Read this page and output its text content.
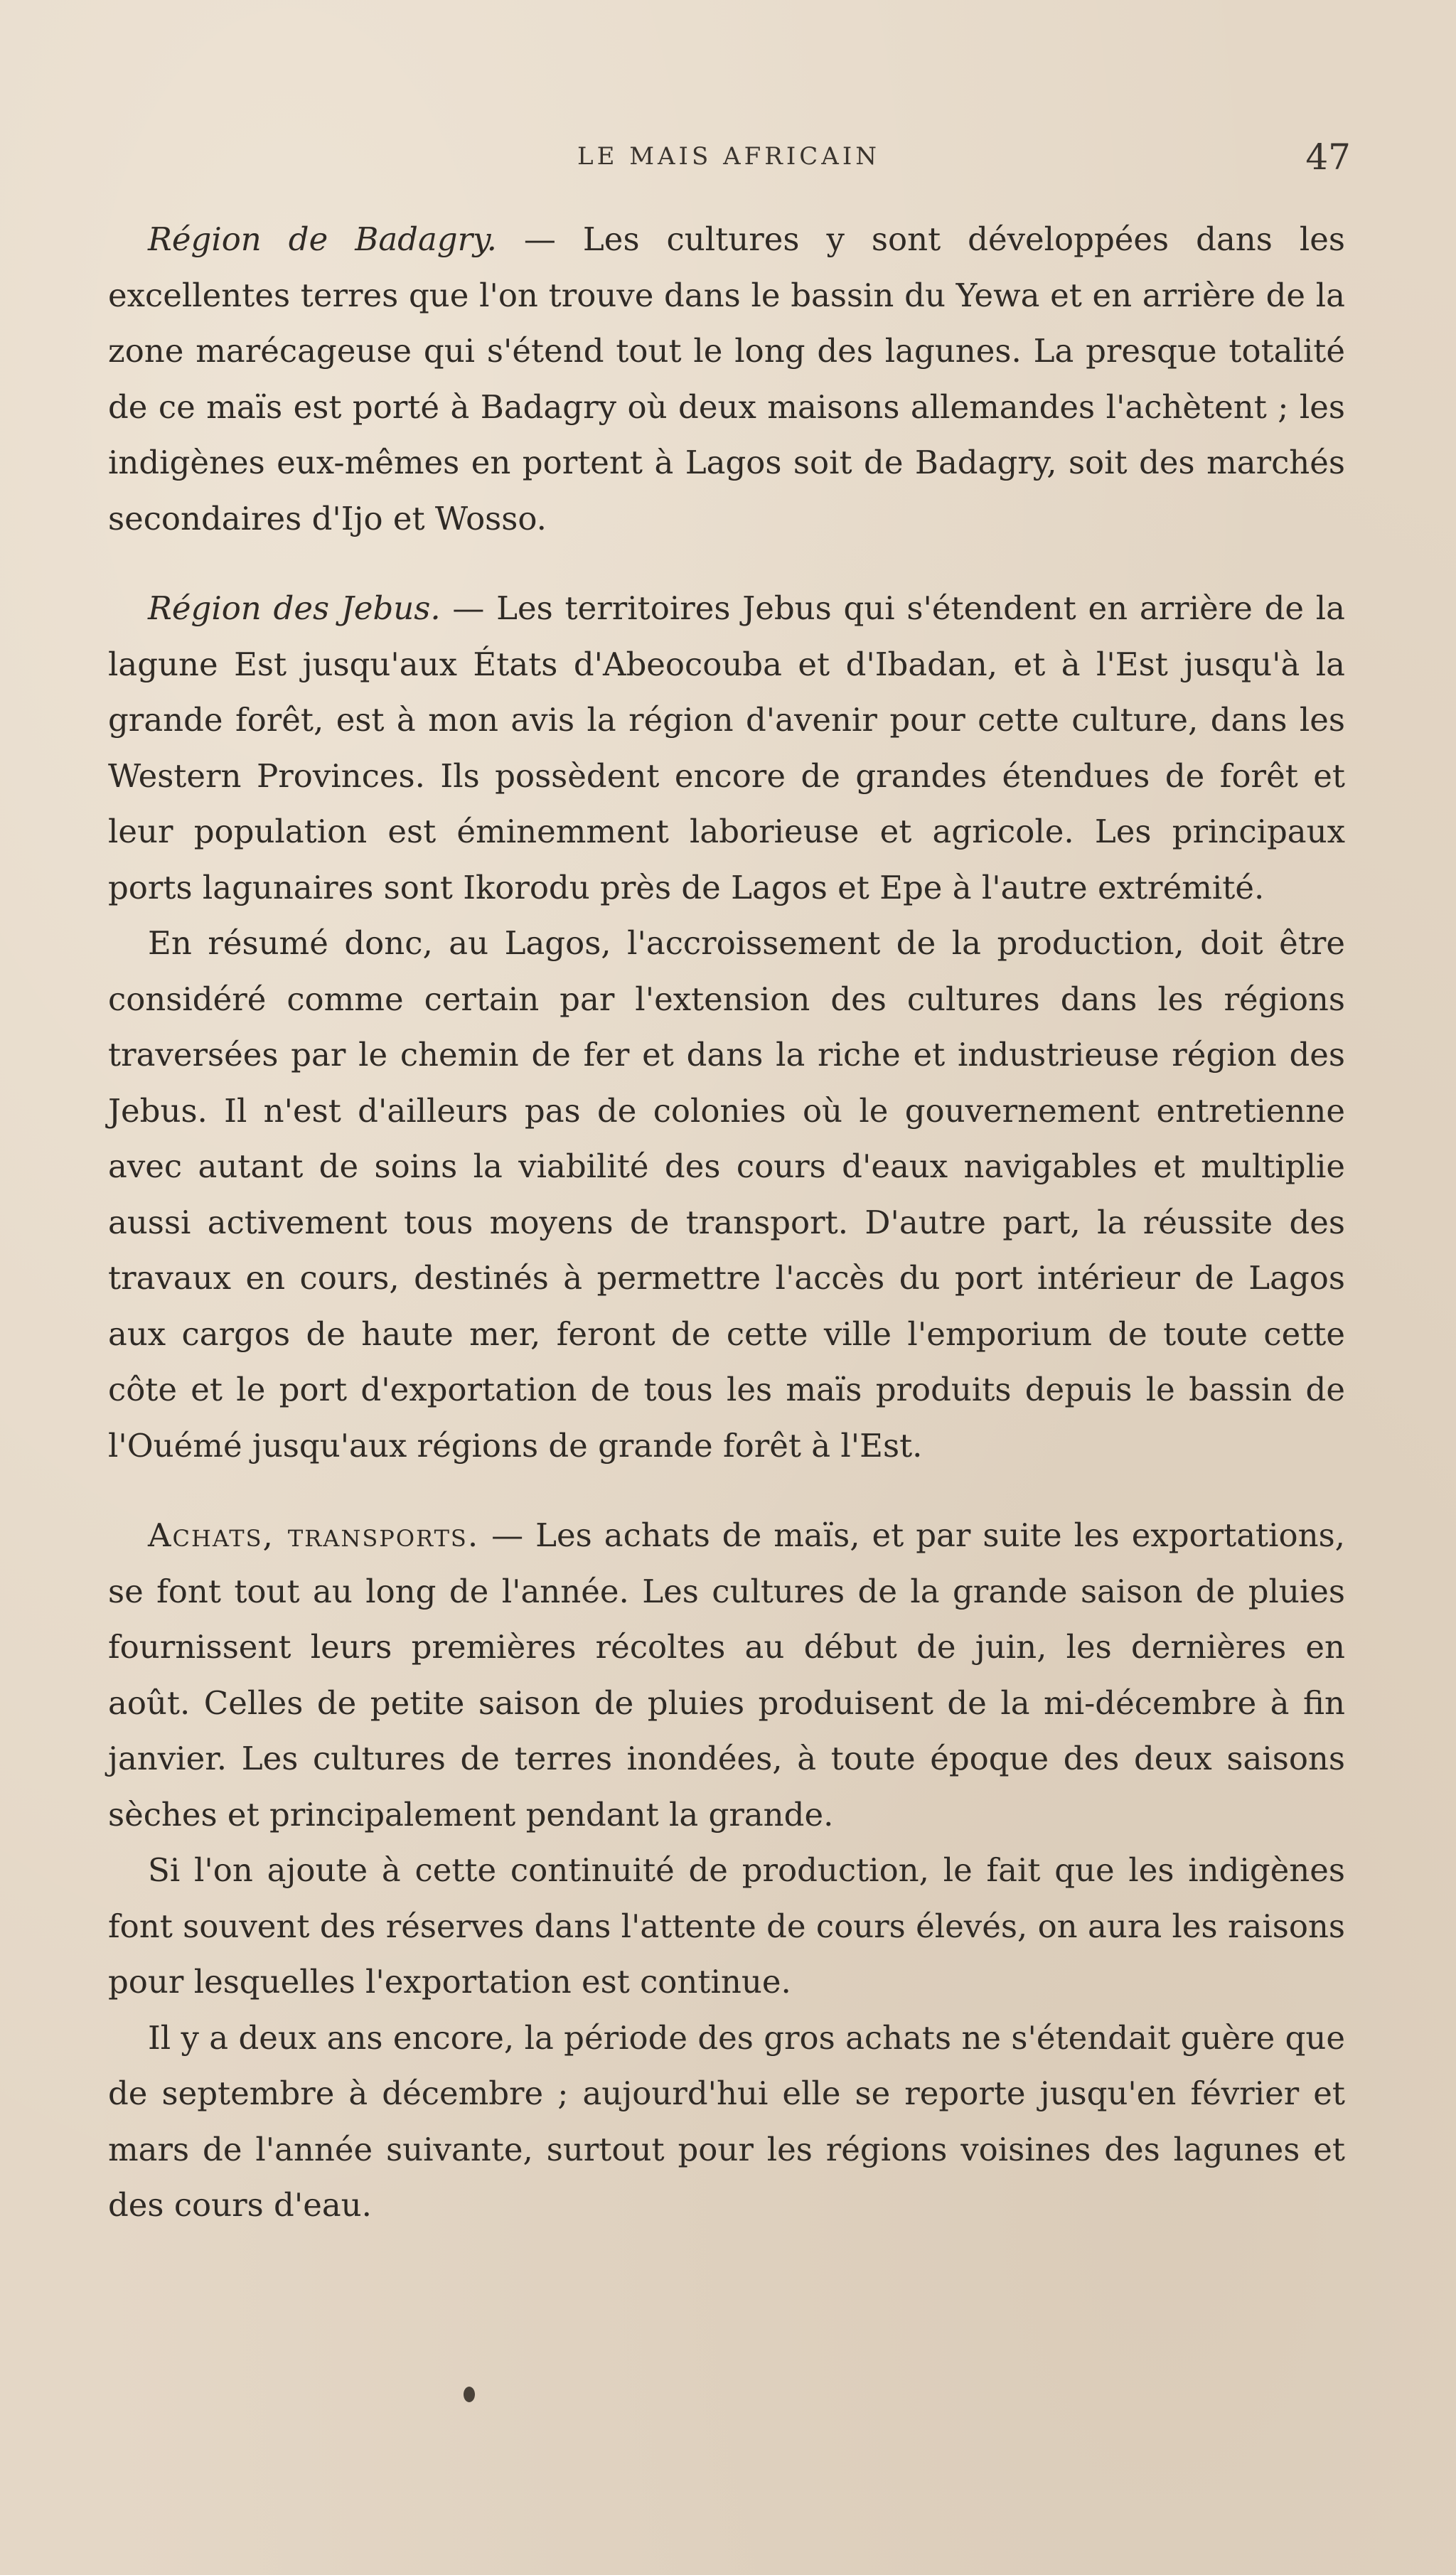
LE MAIS AFRICAIN	47

Région de Badagry. — Les cultures y sont développées dans les excellentes terres que l'on trouve dans le bassin du Yewa et en arrière de la zone marécageuse qui s'étend tout le long des lagunes. La presque totalité de ce maïs est porté à Badagry où deux maisons allemandes l'achètent ; les indigènes eux-mêmes en portent à Lagos soit de Badagry, soit des marchés secondaires d'Ijo et Wosso.

Région des Jebus. — Les territoires Jebus qui s'étendent en arrière de la lagune Est jusqu'aux États d'Abeocouba et d'Ibadan, et à l'Est jusqu'à la grande forêt, est à mon avis la région d'avenir pour cette culture, dans les Western Provinces. Ils possèdent encore de grandes étendues de forêt et leur population est éminemment laborieuse et agricole. Les principaux ports lagunaires sont Ikorodu près de Lagos et Epe à l'autre extrémité.

En résumé donc, au Lagos, l'accroissement de la production, doit être considéré comme certain par l'extension des cultures dans les régions traversées par le chemin de fer et dans la riche et industrieuse région des Jebus. Il n'est d'ailleurs pas de colonies où le gouvernement entretienne avec autant de soins la viabilité des cours d'eaux navigables et multiplie aussi activement tous moyens de transport. D'autre part, la réussite des travaux en cours, destinés à permettre l'accès du port intérieur de Lagos aux cargos de haute mer, feront de cette ville l'emporium de toute cette côte et le port d'exportation de tous les maïs produits depuis le bassin de l'Ouémé jusqu'aux régions de grande forêt à l'Est.

Achats, transports. — Les achats de maïs, et par suite les exportations, se font tout au long de l'année. Les cultures de la grande saison de pluies fournissent leurs premières récoltes au début de juin, les dernières en août. Celles de petite saison de pluies produisent de la mi-décembre à fin janvier. Les cultures de terres inondées, à toute époque des deux saisons sèches et principalement pendant la grande.

Si l'on ajoute à cette continuité de production, le fait que les indigènes font souvent des réserves dans l'attente de cours élevés, on aura les raisons pour lesquelles l'exportation est continue.

Il y a deux ans encore, la période des gros achats ne s'étendait guère que de septembre à décembre ; aujourd'hui elle se reporte jusqu'en février et mars de l'année suivante, surtout pour les régions voisines des lagunes et des cours d'eau.
